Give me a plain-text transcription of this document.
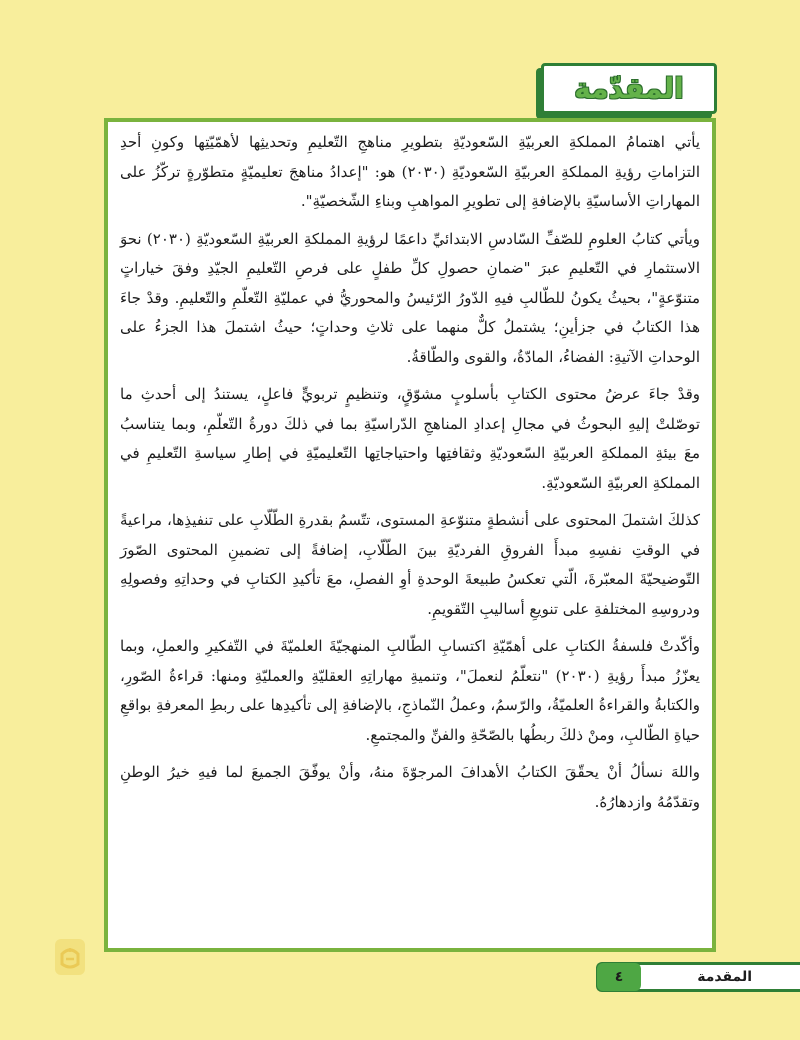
المقدّمة

يأتي اهتمامُ المملكةِ العربيّةِ السّعوديّةِ بتطويرِ مناهجِ التّعليمِ وتحديثِها لأهمّيّتِها وكونِ أحدِ التزاماتِ رؤيةِ المملكةِ العربيّةِ السّعوديّةِ (٢٠٣٠) هو: "إعدادُ مناهجَ تعليميّةٍ متطوّرةٍ تركّزُ على المهاراتِ الأساسيّةِ بالإضافةِ إلى تطويرِ المواهبِ وبناءِ الشّخصيّةِ".

ويأتي كتابُ العلومِ للصّفِّ السّادسِ الابتدائيِّ داعمًا لرؤيةِ المملكةِ العربيّةِ السّعوديّةِ (٢٠٣٠) نحوَ الاستثمارِ في التّعليمِ عبرَ "ضمانِ حصولِ كلِّ طفلٍ على فرصِ التّعليمِ الجيّدِ وفقَ خياراتٍ متنوّعةٍ"، بحيثُ يكونُ للطّالبِ فيهِ الدّورُ الرّئيسُ والمحوريُّ في عمليّةِ التّعلّمِ والتّعليمِ. وقدْ جاءَ هذا الكتابُ في جزأينِ؛ يشتملُ كلٌّ منهما على ثلاثِ وحداتٍ؛ حيثُ اشتملَ هذا الجزءُ على الوحداتِ الآتيةِ: الفضاءُ، المادّةُ، والقوى والطّاقةُ.

وقدْ جاءَ عرضُ محتوى الكتابِ بأسلوبٍ مشوّقٍ، وتنظيمٍ تربويٍّ فاعلٍ، يستندُ إلى أحدثِ ما توصّلتْ إليهِ البحوثُ في مجالِ إعدادِ المناهجِ الدّراسيّةِ بما في ذلكَ دورةُ التّعلّمِ، وبما يتناسبُ معَ بيئةِ المملكةِ العربيّةِ السّعوديّةِ وثقافتِها واحتياجاتِها التّعليميّةِ في إطارِ سياسةِ التّعليمِ في المملكةِ العربيّةِ السّعوديّةِ.

كذلكَ اشتملَ المحتوى على أنشطةٍ متنوّعةِ المستوى، تتّسمُ بقدرةِ الطّلّابِ على تنفيذِها، مراعيةً في الوقتِ نفسِهِ مبدأَ الفروقِ الفرديّةِ بينَ الطّلّابِ، إضافةً إلى تضمينِ المحتوى الصّورَ التّوضيحيّةَ المعبّرةَ، الّتي تعكسُ طبيعةَ الوحدةِ أوِ الفصلِ، معَ تأكيدِ الكتابِ في وحداتِهِ وفصولِهِ ودروسِهِ المختلفةِ على تنويعِ أساليبِ التّقويمِ.

وأكّدتْ فلسفةُ الكتابِ على أهمّيّةِ اكتسابِ الطّالبِ المنهجيّةَ العلميّةَ في التّفكيرِ والعملِ، وبما يعزّزُ مبدأَ رؤيةِ (٢٠٣٠) "نتعلّمُ لنعملَ"، وتنميةِ مهاراتِهِ العقليّةِ والعمليّةِ ومنها: قراءةُ الصّورِ، والكتابةُ والقراءةُ العلميّةُ، والرّسمُ، وعملُ النّماذجِ، بالإضافةِ إلى تأكيدِها على ربطِ المعرفةِ بواقعِ حياةِ الطّالبِ، ومنْ ذلكَ ربطُها بالصّحّةِ والفنِّ والمجتمعِ.

واللهَ نسألُ أنْ يحقّقَ الكتابُ الأهدافَ المرجوّةَ منهُ، وأنْ يوفّقَ الجميعَ لما فيهِ خيرُ الوطنِ وتقدّمُهُ وازدهارُهُ.

المقدمة
٤
